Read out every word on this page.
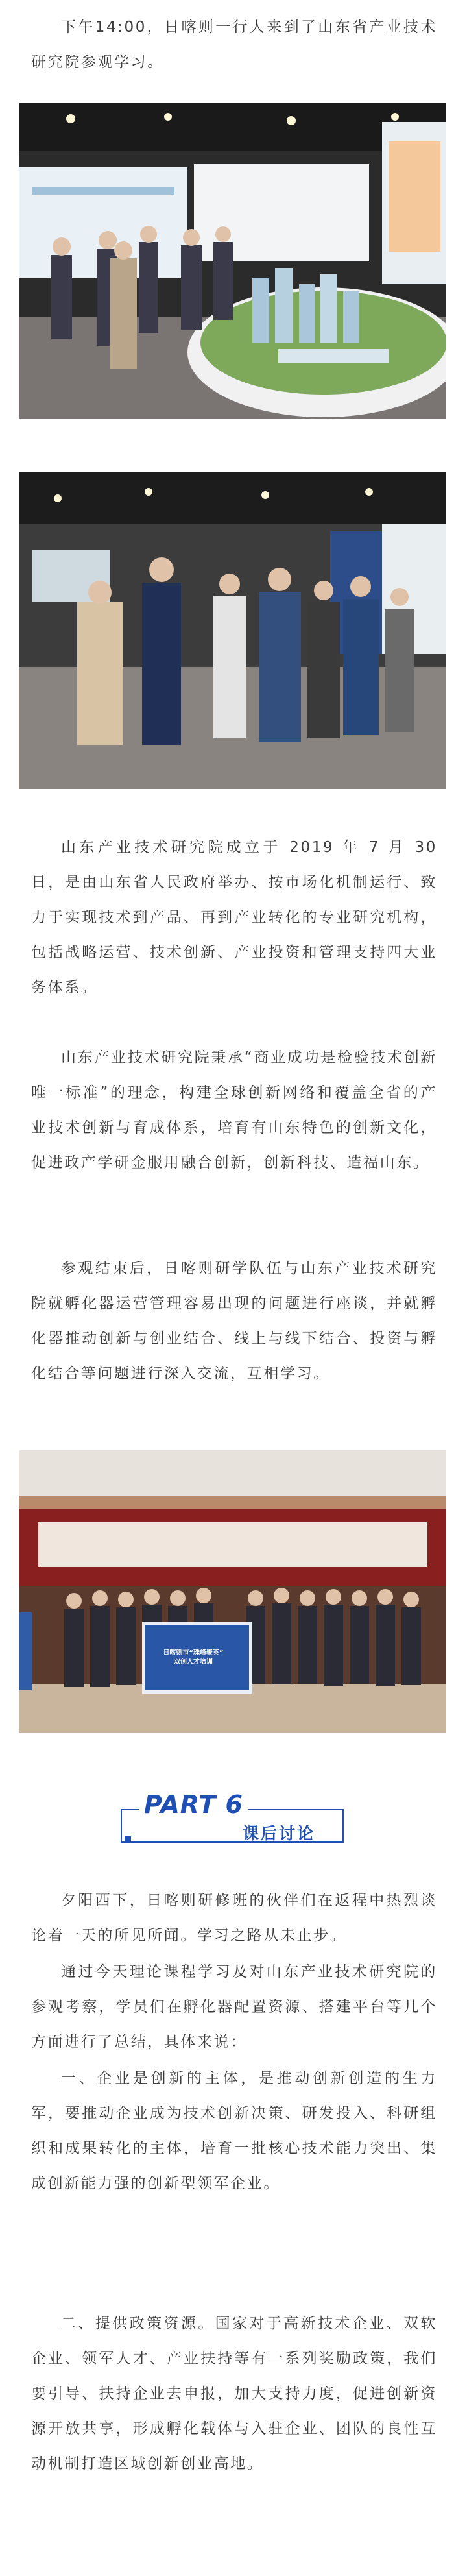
下午14:00，日喀则一行人来到了山东省产业技术研究院参观学习。

山东产业技术研究院成立于 2019 年 7 月 30 日，是由山东省人民政府举办、按市场化机制运行、致力于实现技术到产品、再到产业转化的专业研究机构，包括战略运营、技术创新、产业投资和管理支持四大业务体系。

山东产业技术研究院秉承“商业成功是检验技术创新唯一标准”的理念，构建全球创新网络和覆盖全省的产业技术创新与育成体系，培育有山东特色的创新文化，促进政产学研金服用融合创新，创新科技、造福山东。

参观结束后，日喀则研学队伍与山东产业技术研究院就孵化器运营管理容易出现的问题进行座谈，并就孵化器推动创新与创业结合、线上与线下结合、投资与孵化结合等问题进行深入交流，互相学习。

日喀则市“珠峰聚英”
双创人才培训
课后讨论
PART 6

夕阳西下，日喀则研修班的伙伴们在返程中热烈谈论着一天的所见所闻。学习之路从未止步。

通过今天理论课程学习及对山东产业技术研究院的参观考察，学员们在孵化器配置资源、搭建平台等几个方面进行了总结，具体来说：

一、企业是创新的主体，是推动创新创造的生力军，要推动企业成为技术创新决策、研发投入、科研组织和成果转化的主体，培育一批核心技术能力突出、集成创新能力强的创新型领军企业。

二、提供政策资源。国家对于高新技术企业、双软企业、领军人才、产业扶持等有一系列奖励政策，我们要引导、扶持企业去申报，加大支持力度，促进创新资源开放共享，形成孵化载体与入驻企业、团队的良性互动机制打造区域创新创业高地。
